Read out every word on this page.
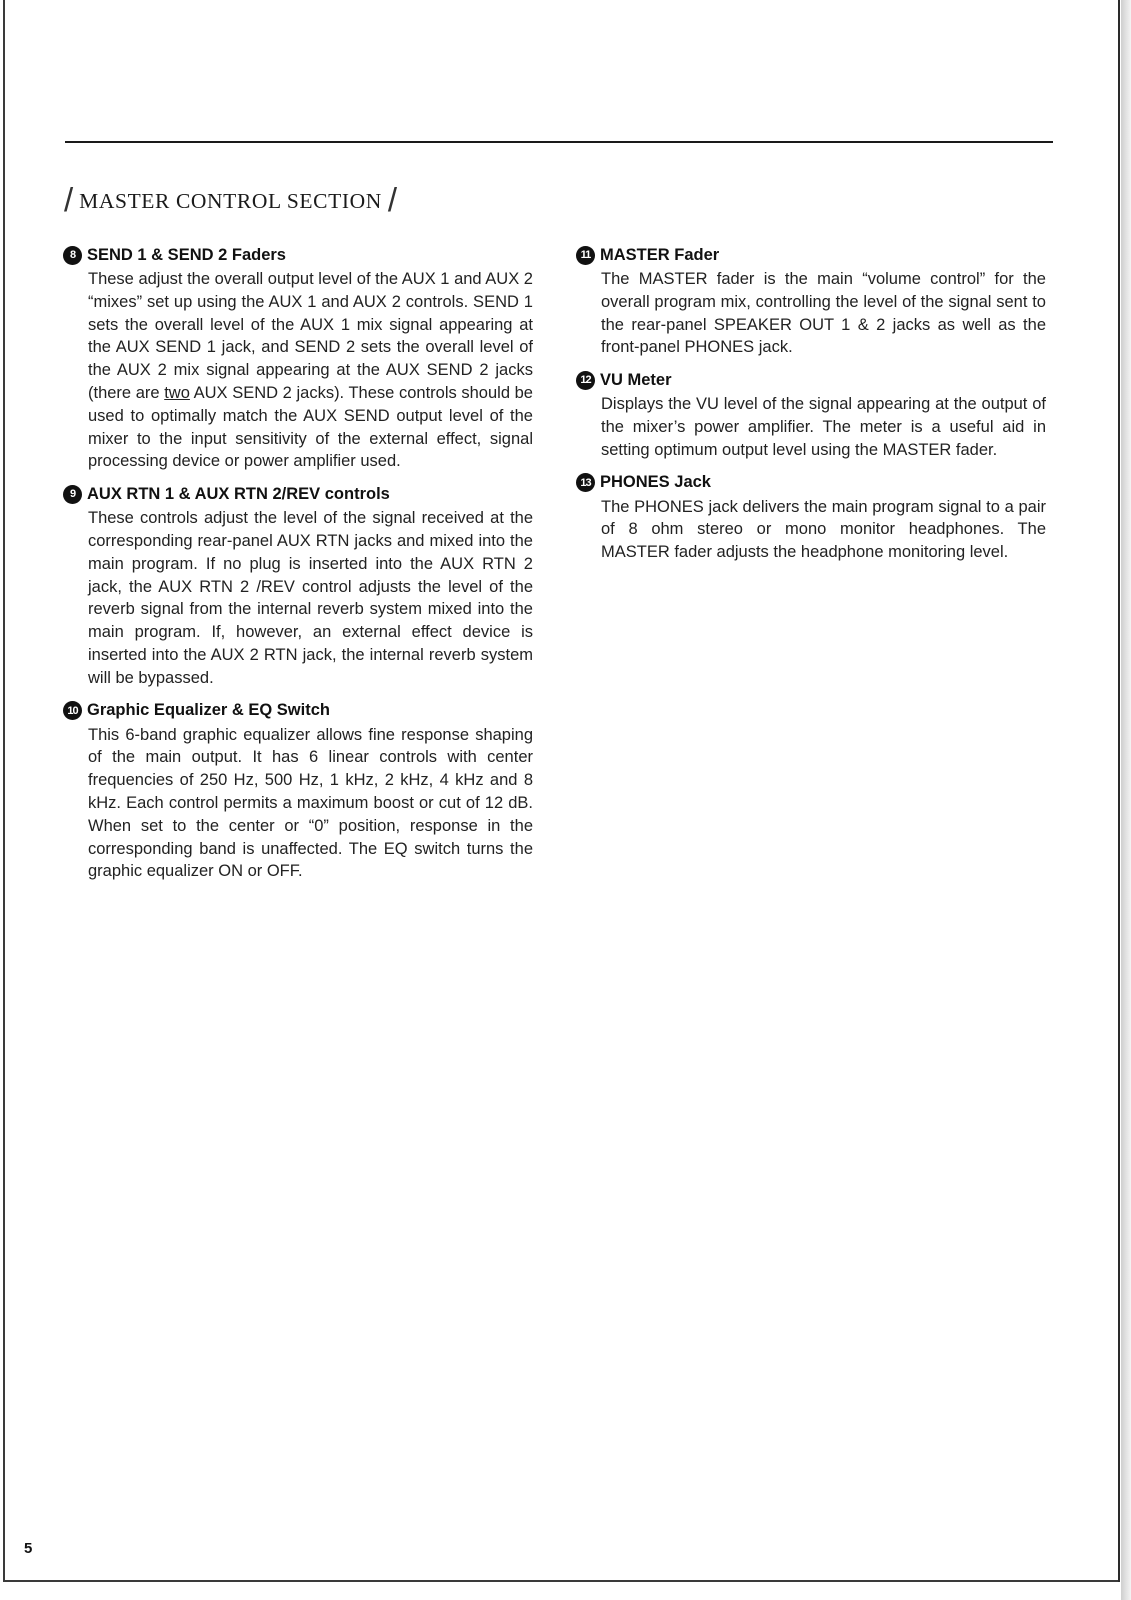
/ MASTER CONTROL SECTION /
8 SEND 1 & SEND 2 Faders
These adjust the overall output level of the AUX 1 and AUX 2 “mixes” set up using the AUX 1 and AUX 2 controls. SEND 1 sets the overall level of the AUX 1 mix signal appearing at the AUX SEND 1 jack, and SEND 2 sets the overall level of the AUX 2 mix signal appearing at the AUX SEND 2 jacks (there are two AUX SEND 2 jacks). These controls should be used to optimally match the AUX SEND output level of the mixer to the input sensitivity of the external effect, signal processing device or power amplifier used.
9 AUX RTN 1 & AUX RTN 2/REV controls
These controls adjust the level of the signal received at the corresponding rear-panel AUX RTN jacks and mixed into the main program. If no plug is inserted into the AUX RTN 2 jack, the AUX RTN 2 /REV control adjusts the level of the reverb signal from the internal reverb system mixed into the main program. If, however, an external effect device is inserted into the AUX 2 RTN jack, the internal reverb system will be bypassed.
10 Graphic Equalizer & EQ Switch
This 6-band graphic equalizer allows fine response shaping of the main output. It has 6 linear controls with center frequencies of 250 Hz, 500 Hz, 1 kHz, 2 kHz, 4 kHz and 8 kHz. Each control permits a maximum boost or cut of 12 dB. When set to the center or “0” position, response in the corresponding band is unaffected. The EQ switch turns the graphic equalizer ON or OFF.
11 MASTER Fader
The MASTER fader is the main “volume control” for the overall program mix, controlling the level of the signal sent to the rear-panel SPEAKER OUT 1 & 2 jacks as well as the front-panel PHONES jack.
12 VU Meter
Displays the VU level of the signal appearing at the output of the mixer’s power amplifier. The meter is a useful aid in setting optimum output level using the MASTER fader.
13 PHONES Jack
The PHONES jack delivers the main program signal to a pair of 8 ohm stereo or mono monitor headphones. The MASTER fader adjusts the headphone monitoring level.
5
